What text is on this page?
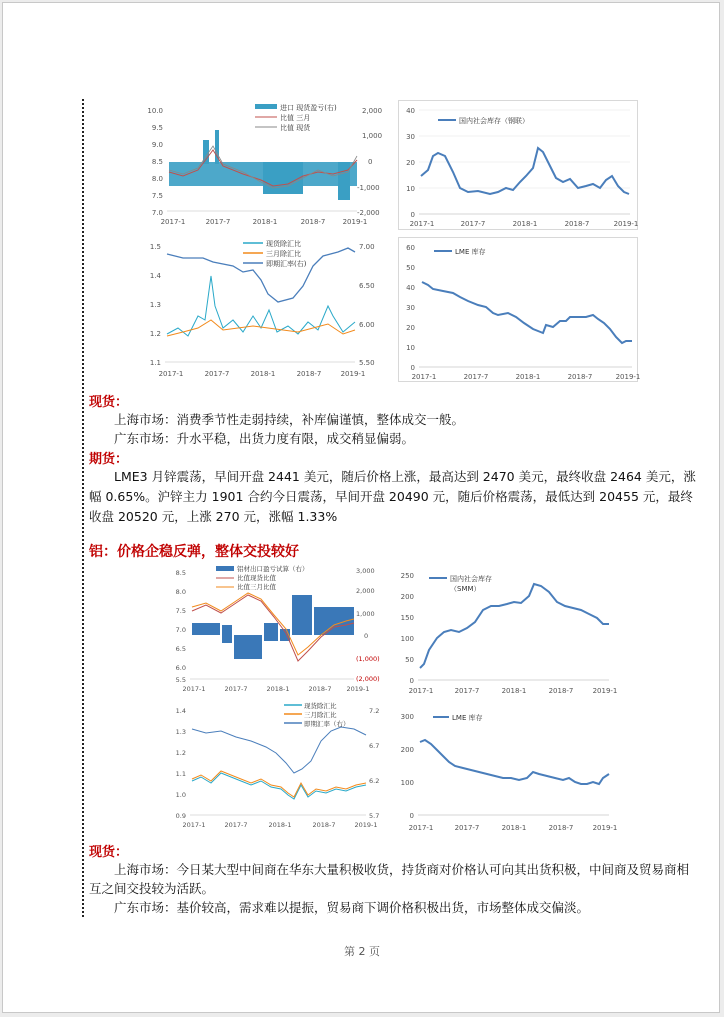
10.0
9.5
9.0
8.5
8.0
7.5
7.0
2,000
1,000
0
-1,000
-2,000
2017-1	2017-7	2018-1	2018-7 2019-1
进口 现货盈亏(右)
比值 三月
比值 现货
40
30
20
10
0
2017-1	2017-7	2018-1	2018-7	2019-1
国内社会库存（钢联）
1.5
1.4
1.3
1.2
1.1
7.00
6.50
6.00
5.50
2017-1	2017-7	2018-1	2018-7	2019-1
现货除汇比
三月除汇比
即期汇率(右)
60
50
40
30
20
10
0
2017-1	2017-7	2018-1	2018-7	2019-1
LME 库存
现货：
上海市场：消费季节性走弱持续，补库偏谨慎，整体成交一般。
广东市场：升水平稳，出货力度有限，成交稍显偏弱。
期货：
LME3 月锌震荡，早间开盘 2441 美元，随后价格上涨，最高达到 2470 美元，最终收盘 2464 美元，涨幅 0.65%。沪锌主力 1901 合约今日震荡，早间开盘 20490 元，随后价格震荡，最低达到 20455 元，最终收盘 20520 元，上涨 270 元，涨幅 1.33%
铝：价格企稳反弹，整体交投较好
8.5
8.0
7.5
7.0
6.5
6.0
5.5
3,000
2,000
1,000
0
(1,000)
(2,000)
2017-1	2017-7	2018-1	2018-7 2019-1
铝材出口盈亏试算（右）
比值现货比值
比值三月比值
250
200
150
100
50
0
2017-1	2017-7	2018-1	2018-7	2019-1
国内社会库存
（SMM）
1.4
1.3
1.2
1.1
1.0
0.9
7.2
6.7
6.2
5.7
2017-1	2017-7	2018-1	2018-7	2019-1
现货除汇比
三月除汇比
即期汇率（右）
300
200
100
0
2017-1	2017-7	2018-1	2018-7	2019-1
LME 库存
现货：
上海市场：今日某大型中间商在华东大量积极收货，持货商对价格认可向其出货积极，中间商及贸易商相互之间交投较为活跃。
广东市场：基价较高，需求难以提振，贸易商下调价格积极出货，市场整体成交偏淡。
第 2 页
